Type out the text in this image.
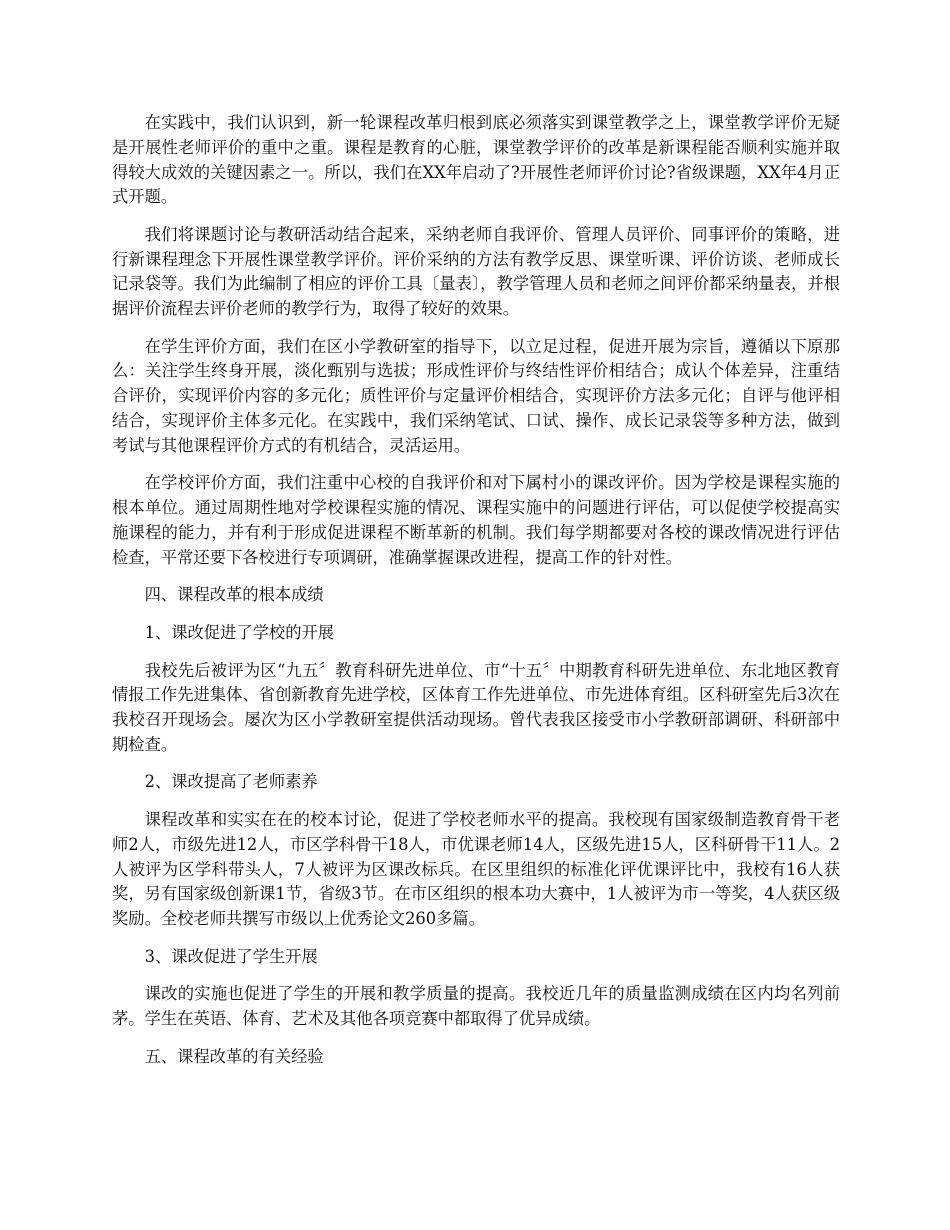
在实践中，我们认识到，新一轮课程改革归根到底必须落实到课堂教学之上，课堂教学评价无疑是开展性老师评价的重中之重。课程是教育的心脏，课堂教学评价的改革是新课程能否顺利实施并取得较大成效的关键因素之一。所以，我们在XX年启动了?开展性老师评价讨论?省级课题，XX年4月正式开题。

我们将课题讨论与教研活动结合起来，采纳老师自我评价、管理人员评价、同事评价的策略，进行新课程理念下开展性课堂教学评价。评价采纳的方法有教学反思、课堂听课、评价访谈、老师成长记录袋等。我们为此编制了相应的评价工具〔量表〕，教学管理人员和老师之间评价都采纳量表，并根据评价流程去评价老师的教学行为，取得了较好的效果。

在学生评价方面，我们在区小学教研室的指导下，以立足过程，促进开展为宗旨，遵循以下原那么：关注学生终身开展，淡化甄别与选拔；形成性评价与终结性评价相结合；成认个体差异，注重结合评价，实现评价内容的多元化；质性评价与定量评价相结合，实现评价方法多元化；自评与他评相结合，实现评价主体多元化。在实践中，我们采纳笔试、口试、操作、成长记录袋等多种方法，做到考试与其他课程评价方式的有机结合，灵活运用。

在学校评价方面，我们注重中心校的自我评价和对下属村小的课改评价。因为学校是课程实施的根本单位。通过周期性地对学校课程实施的情况、课程实施中的问题进行评估，可以促使学校提高实施课程的能力，并有利于形成促进课程不断革新的机制。我们每学期都要对各校的课改情况进行评估检查，平常还要下各校进行专项调研，准确掌握课改进程，提高工作的针对性。

四、课程改革的根本成绩

1、课改促进了学校的开展

我校先后被评为区“九五〞教育科研先进单位、市“十五〞中期教育科研先进单位、东北地区教育情报工作先进集体、省创新教育先进学校，区体育工作先进单位、市先进体育组。区科研室先后3次在我校召开现场会。屡次为区小学教研室提供活动现场。曾代表我区接受市小学教研部调研、科研部中期检查。

2、课改提高了老师素养

课程改革和实实在在的校本讨论，促进了学校老师水平的提高。我校现有国家级制造教育骨干老师2人，市级先进12人，市区学科骨干18人，市优课老师14人，区级先进15人，区科研骨干11人。2人被评为区学科带头人，7人被评为区课改标兵。在区里组织的标准化评优课评比中，我校有16人获奖，另有国家级创新课1节，省级3节。在市区组织的根本功大赛中，1人被评为市一等奖，4人获区级奖励。全校老师共撰写市级以上优秀论文260多篇。

3、课改促进了学生开展

课改的实施也促进了学生的开展和教学质量的提高。我校近几年的质量监测成绩在区内均名列前茅。学生在英语、体育、艺术及其他各项竞赛中都取得了优异成绩。

五、课程改革的有关经验
